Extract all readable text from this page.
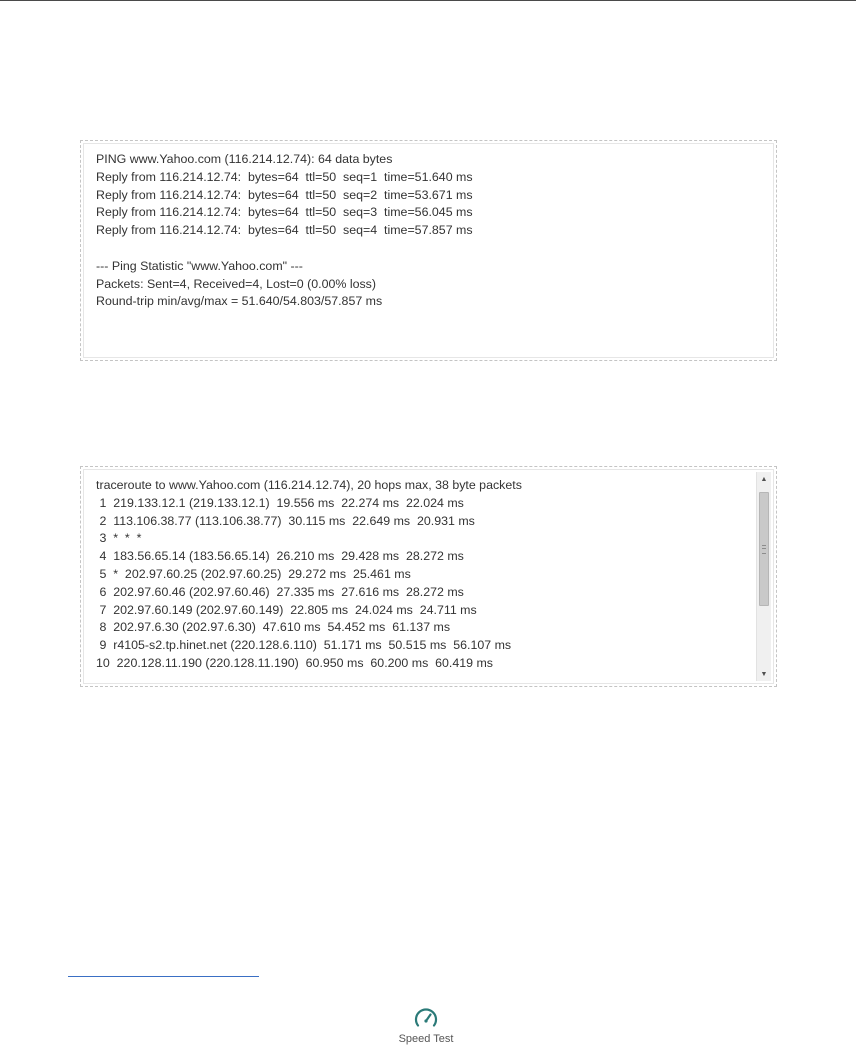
PING www.Yahoo.com (116.214.12.74): 64 data bytes
Reply from 116.214.12.74:  bytes=64  ttl=50  seq=1  time=51.640 ms
Reply from 116.214.12.74:  bytes=64  ttl=50  seq=2  time=53.671 ms
Reply from 116.214.12.74:  bytes=64  ttl=50  seq=3  time=56.045 ms
Reply from 116.214.12.74:  bytes=64  ttl=50  seq=4  time=57.857 ms
--- Ping Statistic "www.Yahoo.com" ---
Packets: Sent=4, Received=4, Lost=0 (0.00% loss)
Round-trip min/avg/max = 51.640/54.803/57.857 ms
traceroute to www.Yahoo.com (116.214.12.74), 20 hops max, 38 byte packets
1  219.133.12.1 (219.133.12.1)  19.556 ms  22.274 ms  22.024 ms
2  113.106.38.77 (113.106.38.77)  30.115 ms  22.649 ms  20.931 ms
3  *  *  *
4  183.56.65.14 (183.56.65.14)  26.210 ms  29.428 ms  28.272 ms
5  *  202.97.60.25 (202.97.60.25)  29.272 ms  25.461 ms
6  202.97.60.46 (202.97.60.46)  27.335 ms  27.616 ms  28.272 ms
7  202.97.60.149 (202.97.60.149)  22.805 ms  24.024 ms  24.711 ms
8  202.97.6.30 (202.97.6.30)  47.610 ms  54.452 ms  61.137 ms
9  r4105-s2.tp.hinet.net (220.128.6.110)  51.171 ms  50.515 ms  56.107 ms
10  220.128.11.190 (220.128.11.190)  60.950 ms  60.200 ms  60.419 ms
▲
▼
Speed Test
